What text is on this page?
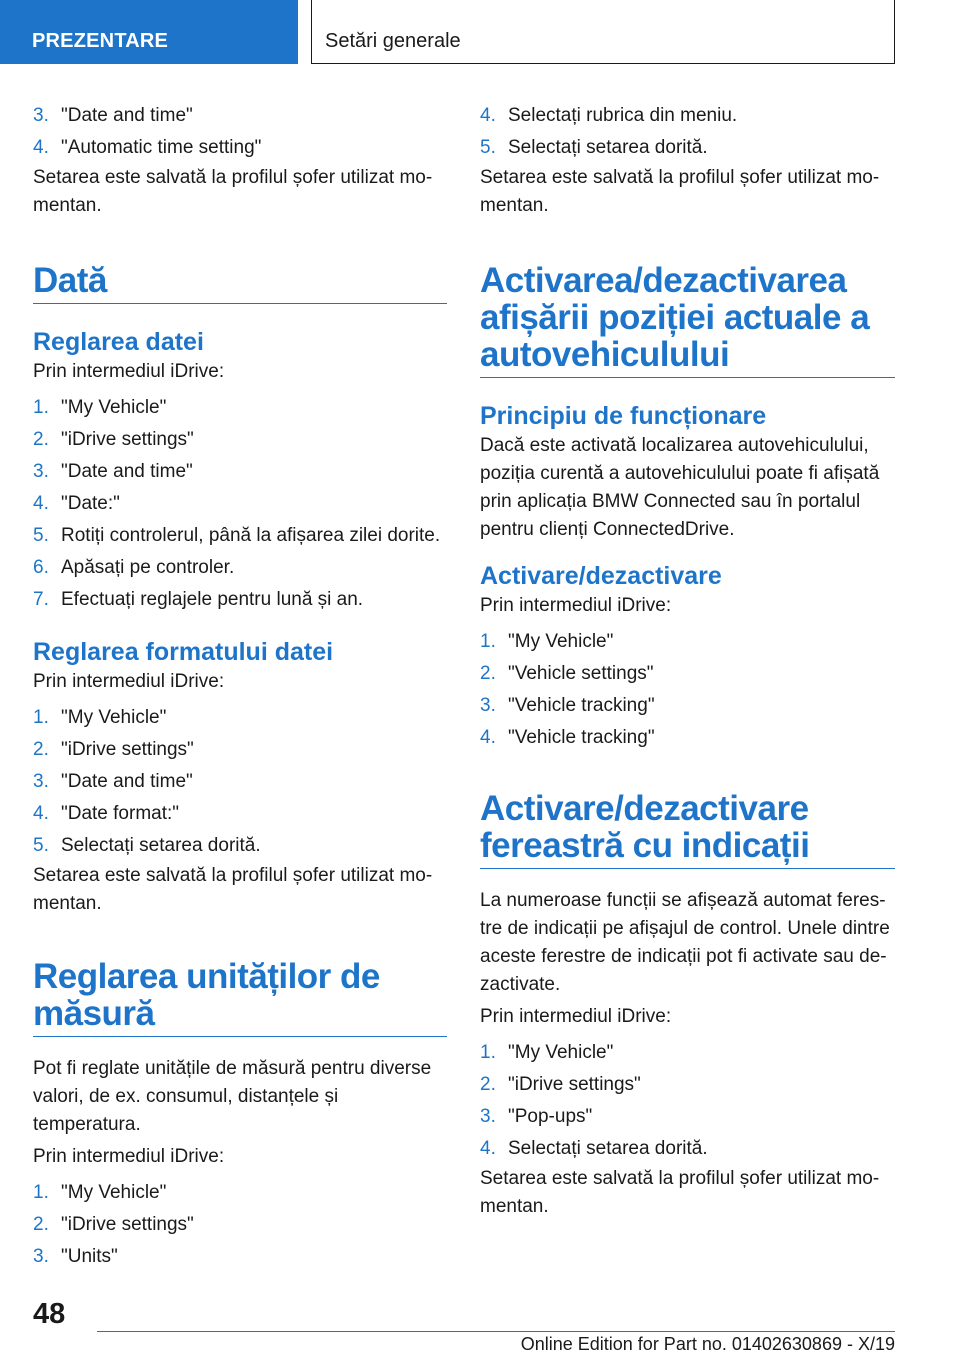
PREZENTARE	Setări generale
3. "Date and time"
4. "Automatic time setting"

Setarea este salvată la profilul șofer utilizat mo-mentan.

Dată
Reglarea datei

Prin intermediul iDrive:

1. "My Vehicle"
2. "iDrive settings"
3. "Date and time"
4. "Date:"
5. Rotiți controlerul, până la afișarea zilei dorite.
6. Apăsați pe controler.
7. Efectuați reglajele pentru lună și an.
Reglarea formatului datei

Prin intermediul iDrive:

1. "My Vehicle"
2. "iDrive settings"
3. "Date and time"
4. "Date format:"
5. Selectați setarea dorită.

Setarea este salvată la profilul șofer utilizat mo-mentan.

Reglarea unităților de măsură

Pot fi reglate unitățile de măsură pentru diverse valori, de ex. consumul, distanțele și temperatura.

Prin intermediul iDrive:

1. "My Vehicle"
2. "iDrive settings"
3. "Units"
4. Selectați rubrica din meniu.
5. Selectați setarea dorită.

Setarea este salvată la profilul șofer utilizat mo-mentan.

Activarea/dezactivarea afișării poziției actuale a autovehiculului
Principiu de funcționare

Dacă este activată localizarea autovehiculului, poziția curentă a autovehiculului poate fi afișată prin aplicația BMW Connected sau în portalul pentru clienți ConnectedDrive.

Activare/dezactivare

Prin intermediul iDrive:

1. "My Vehicle"
2. "Vehicle settings"
3. "Vehicle tracking"
4. "Vehicle tracking"
Activare/dezactivare fereastră cu indicații

La numeroase funcții se afișează automat feres-tre de indicații pe afișajul de control. Unele dintre aceste ferestre de indicații pot fi activate sau de-zactivate.

Prin intermediul iDrive:

1. "My Vehicle"
2. "iDrive settings"
3. "Pop-ups"
4. Selectați setarea dorită.

Setarea este salvată la profilul șofer utilizat mo-mentan.

48
Online Edition for Part no. 01402630869 - X/19
